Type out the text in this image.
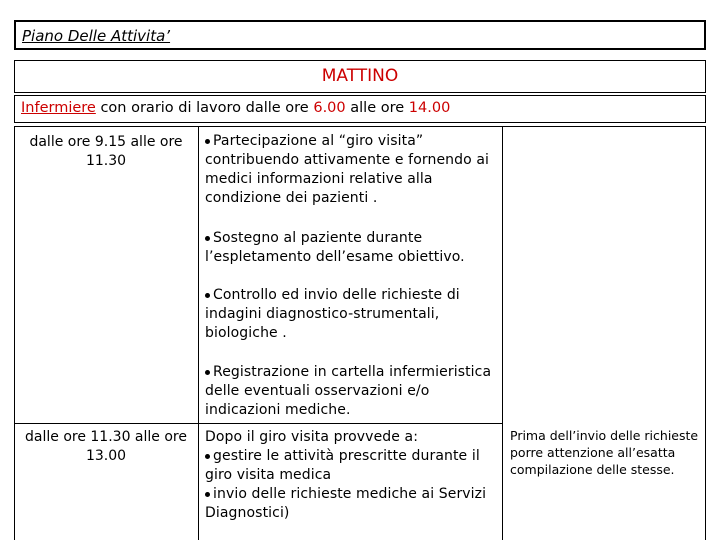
Piano Delle Attivita’
MATTINO
Infermiere con orario di lavoro dalle ore 6.00 alle ore 14.00
dalle ore 9.15 alle ore 11.30
Partecipazione al “giro visita” contribuendo attivamente e fornendo ai medici informazioni relative alla condizione dei pazienti .
Sostegno al paziente durante l’espletamento dell’esame obiettivo.
Controllo ed invio delle richieste di indagini diagnostico-strumentali, biologiche .
Registrazione in cartella infermieristica delle eventuali osservazioni e/o indicazioni mediche.
dalle ore 11.30 alle ore 13.00
Dopo il giro visita provvede a:
gestire le attività prescritte durante il giro visita medica
invio delle richieste mediche ai Servizi Diagnostici)
Prima dell’invio delle richieste porre attenzione all’esatta compilazione delle stesse.
